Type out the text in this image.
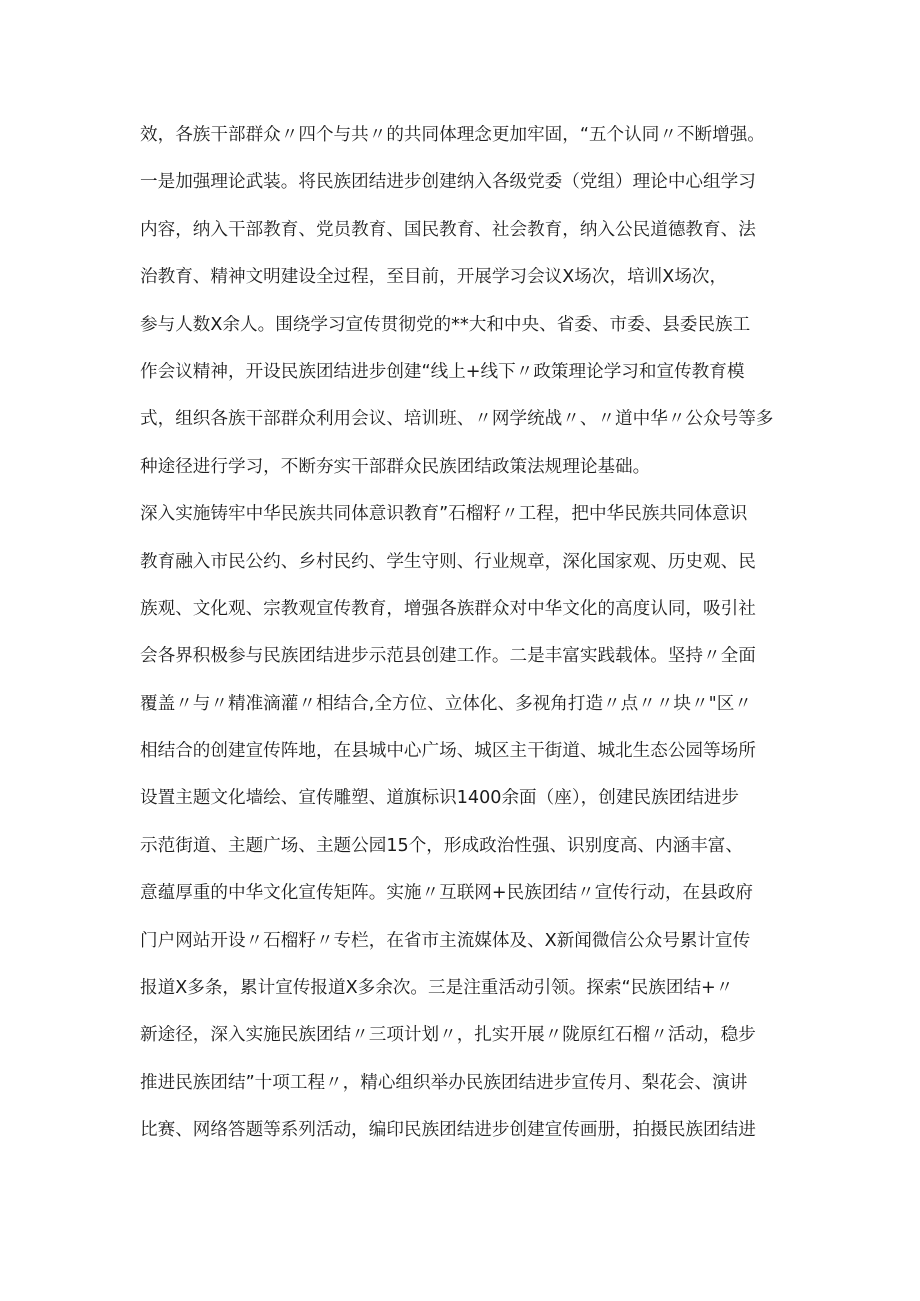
效，各族干部群众〃四个与共〃的共同体理念更加牢固，“五个认同〃不断增强。
一是加强理论武装。将民族团结进步创建纳入各级党委（党组）理论中心组学习
内容，纳入干部教育、党员教育、国民教育、社会教育，纳入公民道德教育、法
治教育、精神文明建设全过程，至目前，开展学习会议X场次，培训X场次，
参与人数X余人。围绕学习宣传贯彻党的**大和中央、省委、市委、县委民族工
作会议精神，开设民族团结进步创建“线上+线下〃政策理论学习和宣传教育模
式，组织各族干部群众利用会议、培训班、〃网学统战〃、〃道中华〃公众号等多
种途径进行学习，不断夯实干部群众民族团结政策法规理论基础。
深入实施铸牢中华民族共同体意识教育”石榴籽〃工程，把中华民族共同体意识
教育融入市民公约、乡村民约、学生守则、行业规章，深化国家观、历史观、民
族观、文化观、宗教观宣传教育，增强各族群众对中华文化的高度认同，吸引社
会各界积极参与民族团结进步示范县创建工作。二是丰富实践载体。坚持〃全面
覆盖〃与〃精准滴灌〃相结合,全方位、立体化、多视角打造〃点〃〃块〃"区〃
相结合的创建宣传阵地，在县城中心广场、城区主干街道、城北生态公园等场所
设置主题文化墙绘、宣传雕塑、道旗标识1400余面（座），创建民族团结进步
示范街道、主题广场、主题公园15个，形成政治性强、识别度高、内涵丰富、
意蕴厚重的中华文化宣传矩阵。实施〃互联网+民族团结〃宣传行动，在县政府
门户网站开设〃石榴籽〃专栏，在省市主流媒体及、X新闻微信公众号累计宣传
报道X多条，累计宣传报道X多余次。三是注重活动引领。探索“民族团结+〃
新途径，深入实施民族团结〃三项计划〃，扎实开展〃陇原红石榴〃活动，稳步
推进民族团结”十项工程〃，精心组织举办民族团结进步宣传月、梨花会、演讲
比赛、网络答题等系列活动，编印民族团结进步创建宣传画册，拍摄民族团结进
